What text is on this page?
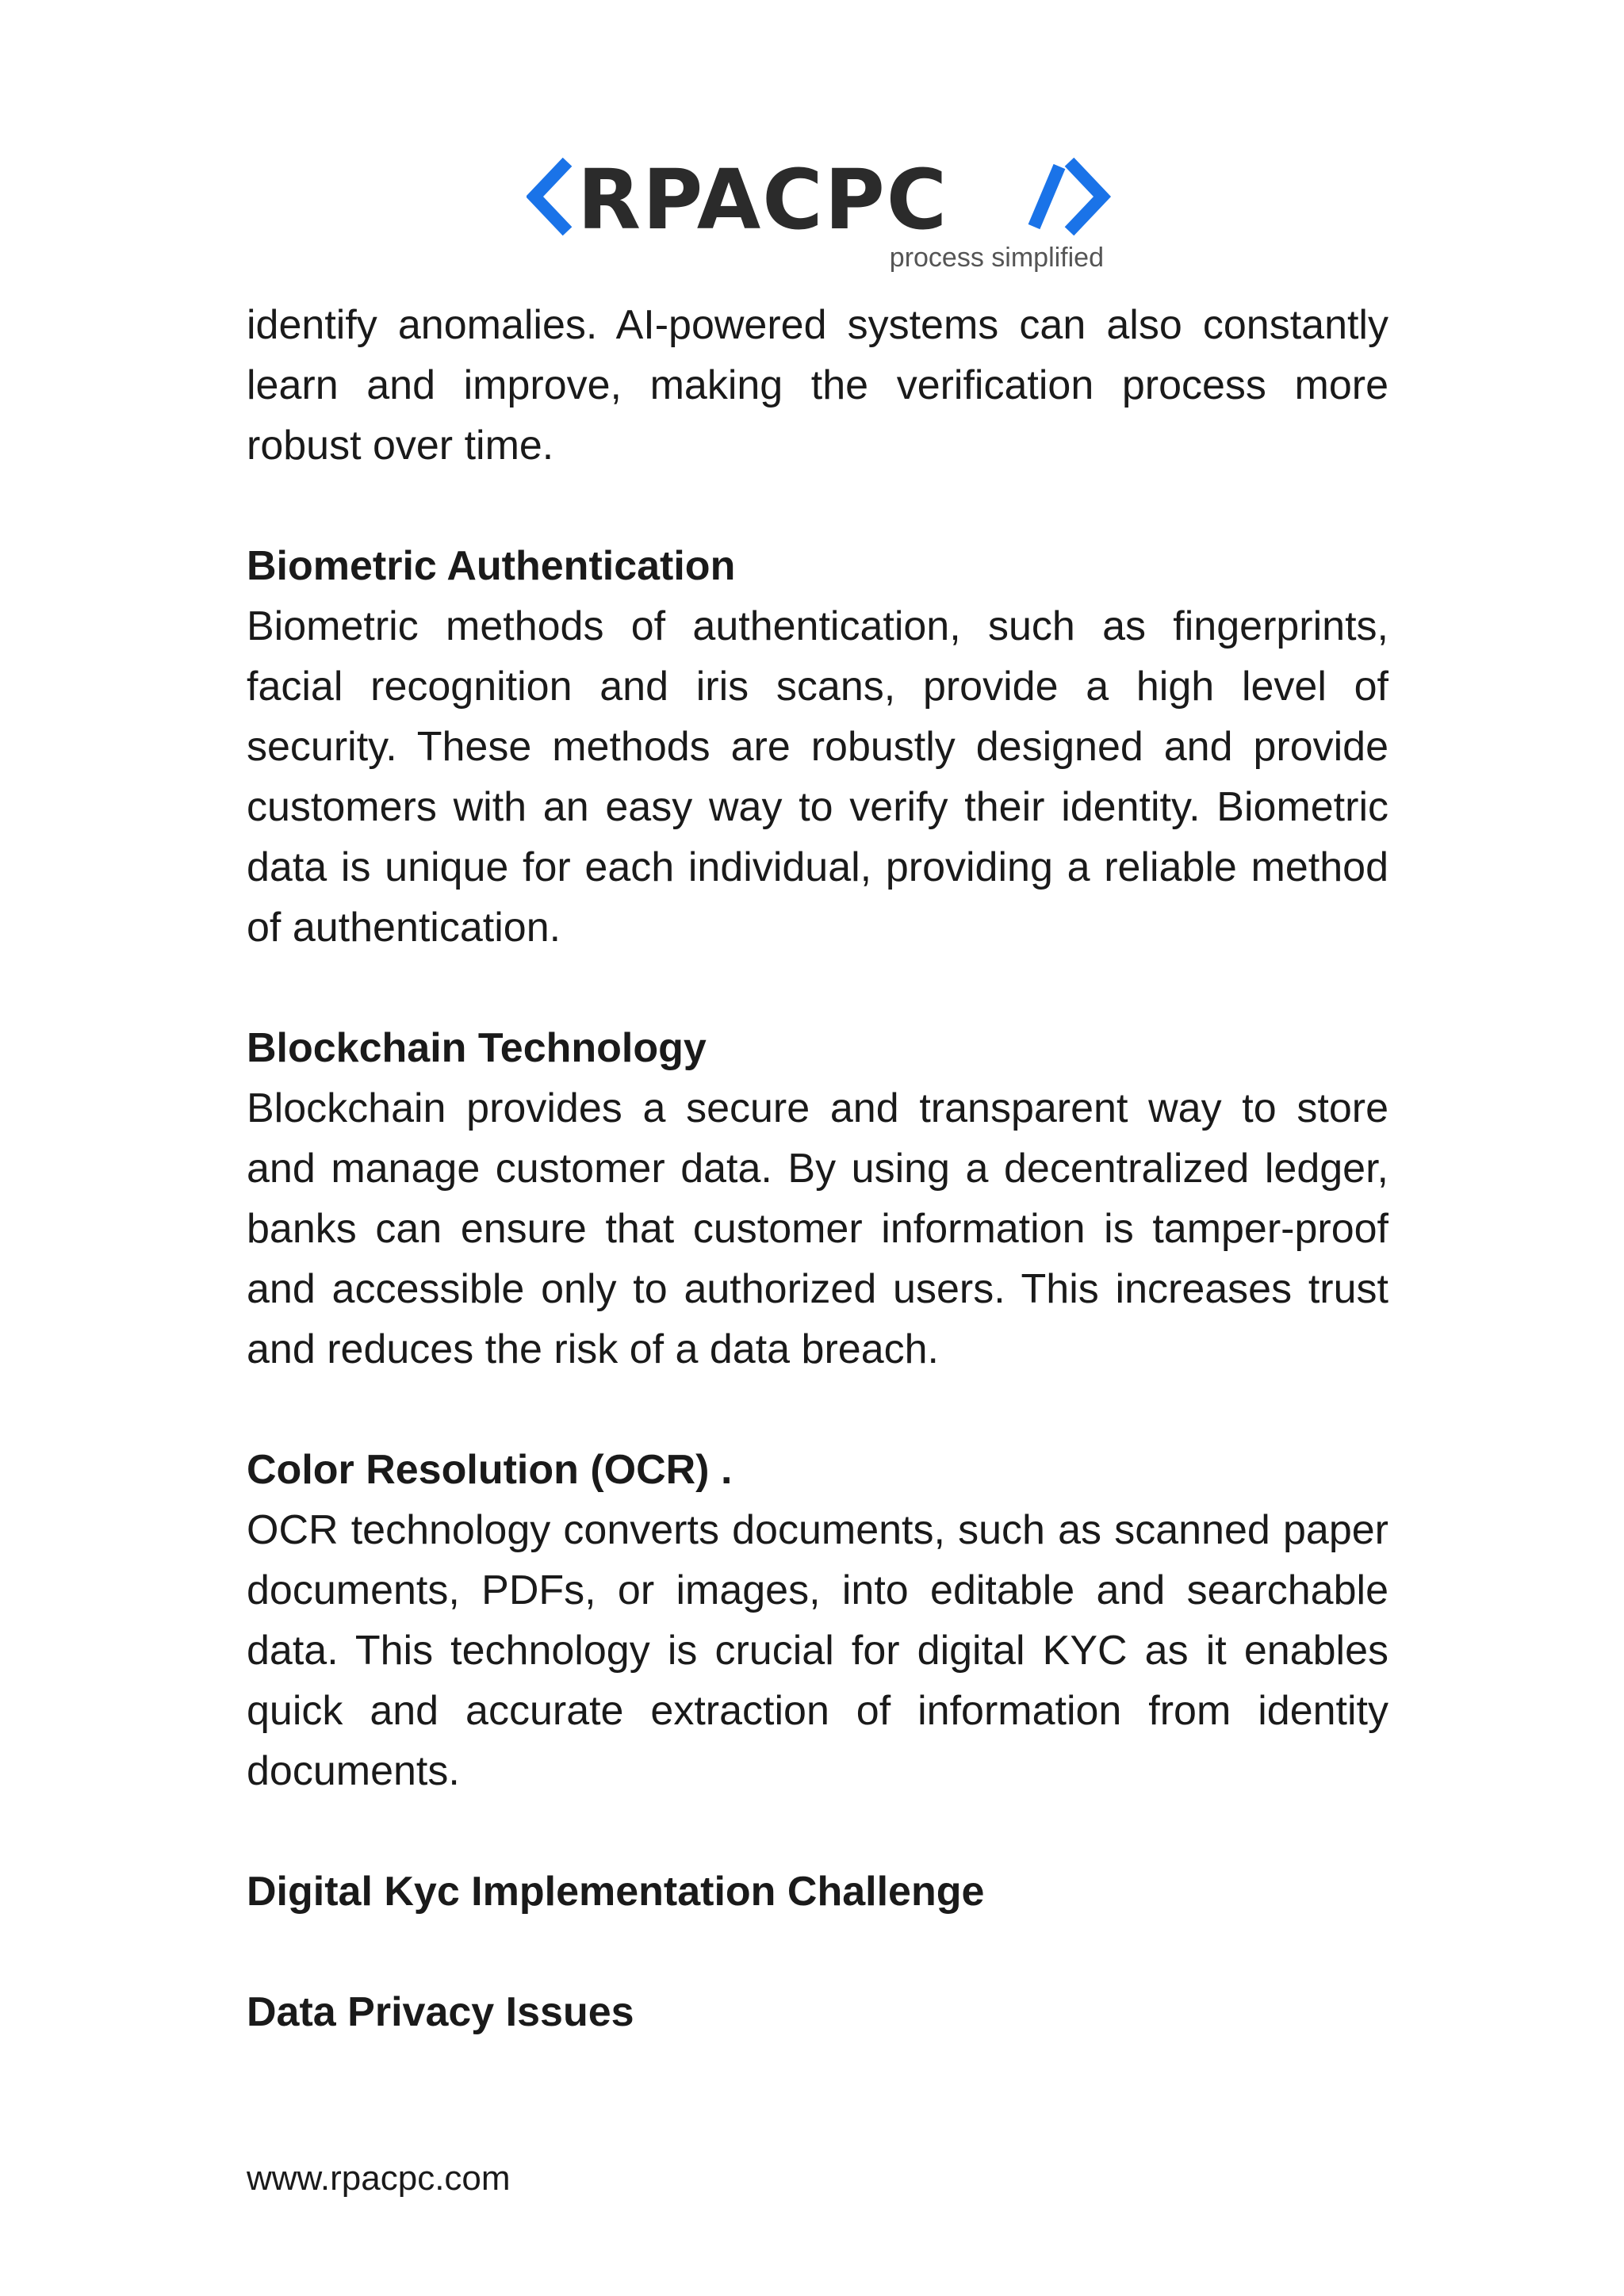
RPACPC
process simplified

identify anomalies. AI-powered systems can also constantly learn and improve, making the verification process more robust over time.

Biometric Authentication

Biometric methods of authentication, such as fingerprints, facial recognition and iris scans, provide a high level of security. These methods are robustly designed and provide customers with an easy way to verify their identity. Biometric data is unique for each individual, providing a reliable method of authentication.

Blockchain Technology

Blockchain provides a secure and transparent way to store and manage customer data. By using a decentralized ledger, banks can ensure that customer information is tamper-proof and accessible only to authorized users. This increases trust and reduces the risk of a data breach.

Color Resolution (OCR) .

OCR technology converts documents, such as scanned paper documents, PDFs, or images, into editable and searchable data. This technology is crucial for digital KYC as it enables quick and accurate extraction of information from identity documents.

Digital Kyc Implementation Challenge
Data Privacy Issues
www.rpacpc.com
